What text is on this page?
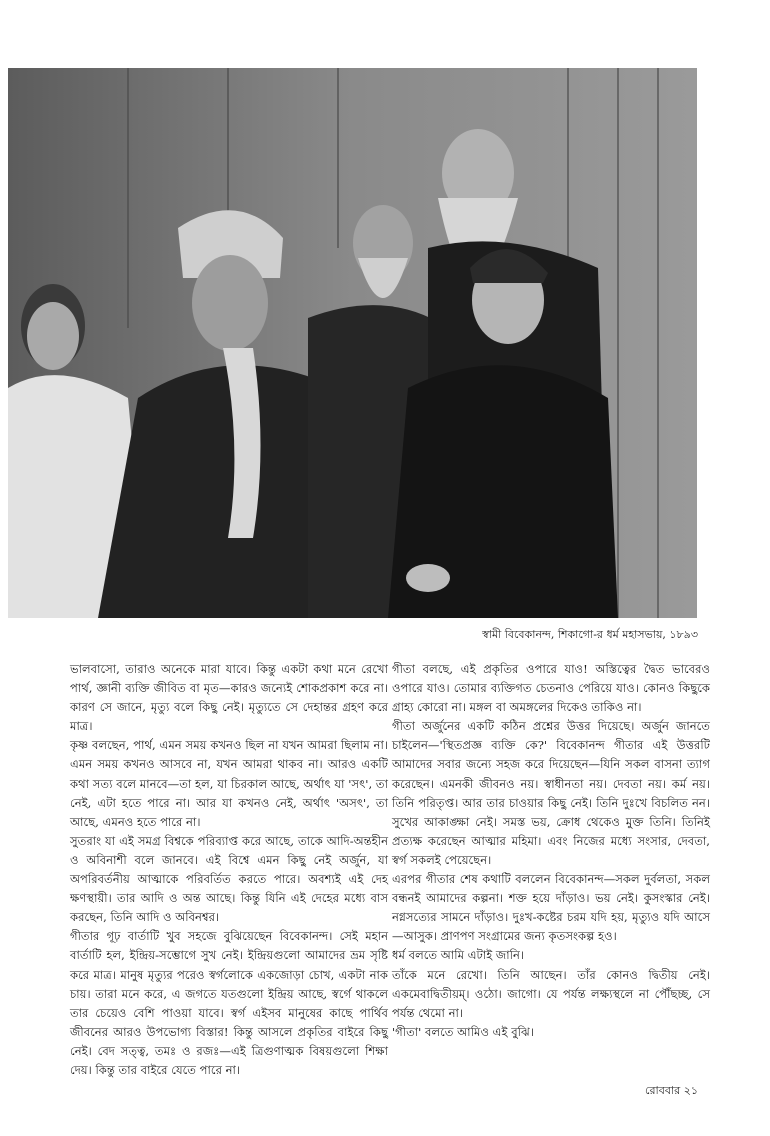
স্বামী বিবেকানন্দ, শিকাগো-র ধর্ম মহাসভায়, ১৮৯৩

ভালবাসো, তারাও অনেকে মারা যাবে। কিন্তু একটা কথা মনে রেখো পার্থ, জ্ঞানী ব্যক্তি জীবিত বা মৃত—কারও জন্যেই শোকপ্রকাশ করে না। কারণ সে জানে, মৃত্যু বলে কিছু নেই। মৃত্যুতে সে দেহান্তর গ্রহণ করে মাত্র।

কৃষ্ণ বলছেন, পার্থ, এমন সময় কখনও ছিল না যখন আমরা ছিলাম না। এমন সময় কখনও আসবে না, যখন আমরা থাকব না। আরও একটি কথা সত্য বলে মানবে—তা হল, যা চিরকাল আছে, অর্থাৎ যা 'সৎ', তা নেই, এটা হতে পারে না। আর যা কখনও নেই, অর্থাৎ 'অসৎ', তা আছে, এমনও হতে পারে না।

সুতরাং যা এই সমগ্র বিশ্বকে পরিব্যাপ্ত করে আছে, তাকে আদি-অন্তহীন ও অবিনাশী বলে জানবে। এই বিশ্বে এমন কিছু নেই অর্জুন, যা অপরিবর্তনীয় আত্মাকে পরিবর্তিত করতে পারে। অবশ্যই এই দেহ ক্ষণস্থায়ী। তার আদি ও অন্ত আছে। কিন্তু যিনি এই দেহের মধ্যে বাস করছেন, তিনি আদি ও অবিনশ্বর।

গীতার গূঢ় বার্তাটি খুব সহজে বুঝিয়েছেন বিবেকানন্দ। সেই মহান বার্তাটি হল, ইন্দ্রিয়-সম্ভোগে সুখ নেই। ইন্দ্রিয়গুলো আমাদের ভ্রম সৃষ্টি করে মাত্র। মানুষ মৃত্যুর পরেও স্বর্গলোকে একজোড়া চোখ, একটা নাক চায়। তারা মনে করে, এ জগতে যতগুলো ইন্দ্রিয় আছে, স্বর্গে থাকলে তার চেয়েও বেশি পাওয়া যাবে। স্বর্গ এইসব মানুষের কাছে পার্থিব জীবনের আরও উপভোগ্য বিস্তার! কিন্তু আসলে প্রকৃতির বাইরে কিছু নেই। বেদ সত্ত্ব, তমঃ ও রজঃ—এই ত্রিগুণাত্মক বিষয়গুলো শিক্ষা দেয়। কিন্তু তার বাইরে যেতে পারে না।

গীতা বলছে, এই প্রকৃতির ওপারে যাও! অস্তিত্বের দ্বৈত ভাবেরও ওপারে যাও। তোমার ব্যক্তিগত চেতনাও পেরিয়ে যাও। কোনও কিছুকে গ্রাহ্য কোরো না। মঙ্গল বা অমঙ্গলের দিকেও তাকিও না।

গীতা অর্জুনের একটি কঠিন প্রশ্নের উত্তর দিয়েছে। অর্জুন জানতে চাইলেন—'স্থিতপ্রজ্ঞ ব্যক্তি কে?' বিবেকানন্দ গীতার এই উত্তরটি আমাদের সবার জন্যে সহজ করে দিয়েছেন—যিনি সকল বাসনা ত্যাগ করেছেন। এমনকী জীবনও নয়। স্বাধীনতা নয়। দেবতা নয়। কর্ম নয়। তিনি পরিতৃপ্ত। আর তার চাওয়ার কিছু নেই। তিনি দুঃখে বিচলিত নন। সুখের আকাঙ্ক্ষা নেই। সমস্ত ভয়, ক্রোধ থেকেও মুক্ত তিনি। তিনিই প্রত্যক্ষ করেছেন আত্মার মহিমা। এবং নিজের মধ্যে সংসার, দেবতা, স্বর্গ সকলই পেয়েছেন।

এরপর গীতার শেষ কথাটি বললেন বিবেকানন্দ—সকল দুর্বলতা, সকল বন্ধনই আমাদের কল্পনা। শক্ত হয়ে দাঁড়াও। ভয় নেই। কুসংস্কার নেই। নগ্নসত্যের সামনে দাঁড়াও। দুঃখ-কষ্টের চরম যদি হয়, মৃত্যুও যদি আসে—আসুক। প্রাণপণ সংগ্রামের জন্য কৃতসংকল্প হও।

ধর্ম বলতে আমি এটাই জানি।

তাঁকে মনে রেখো। তিনি আছেন। তাঁর কোনও দ্বিতীয় নেই। একমেবাদ্বিতীয়ম্। ওঠো। জাগো। যে পর্যন্ত লক্ষ্যস্থলে না পৌঁছচ্ছ, সে পর্যন্ত থেমো না।

'গীতা' বলতে আমিও এই বুঝি।

রোববার ২১
